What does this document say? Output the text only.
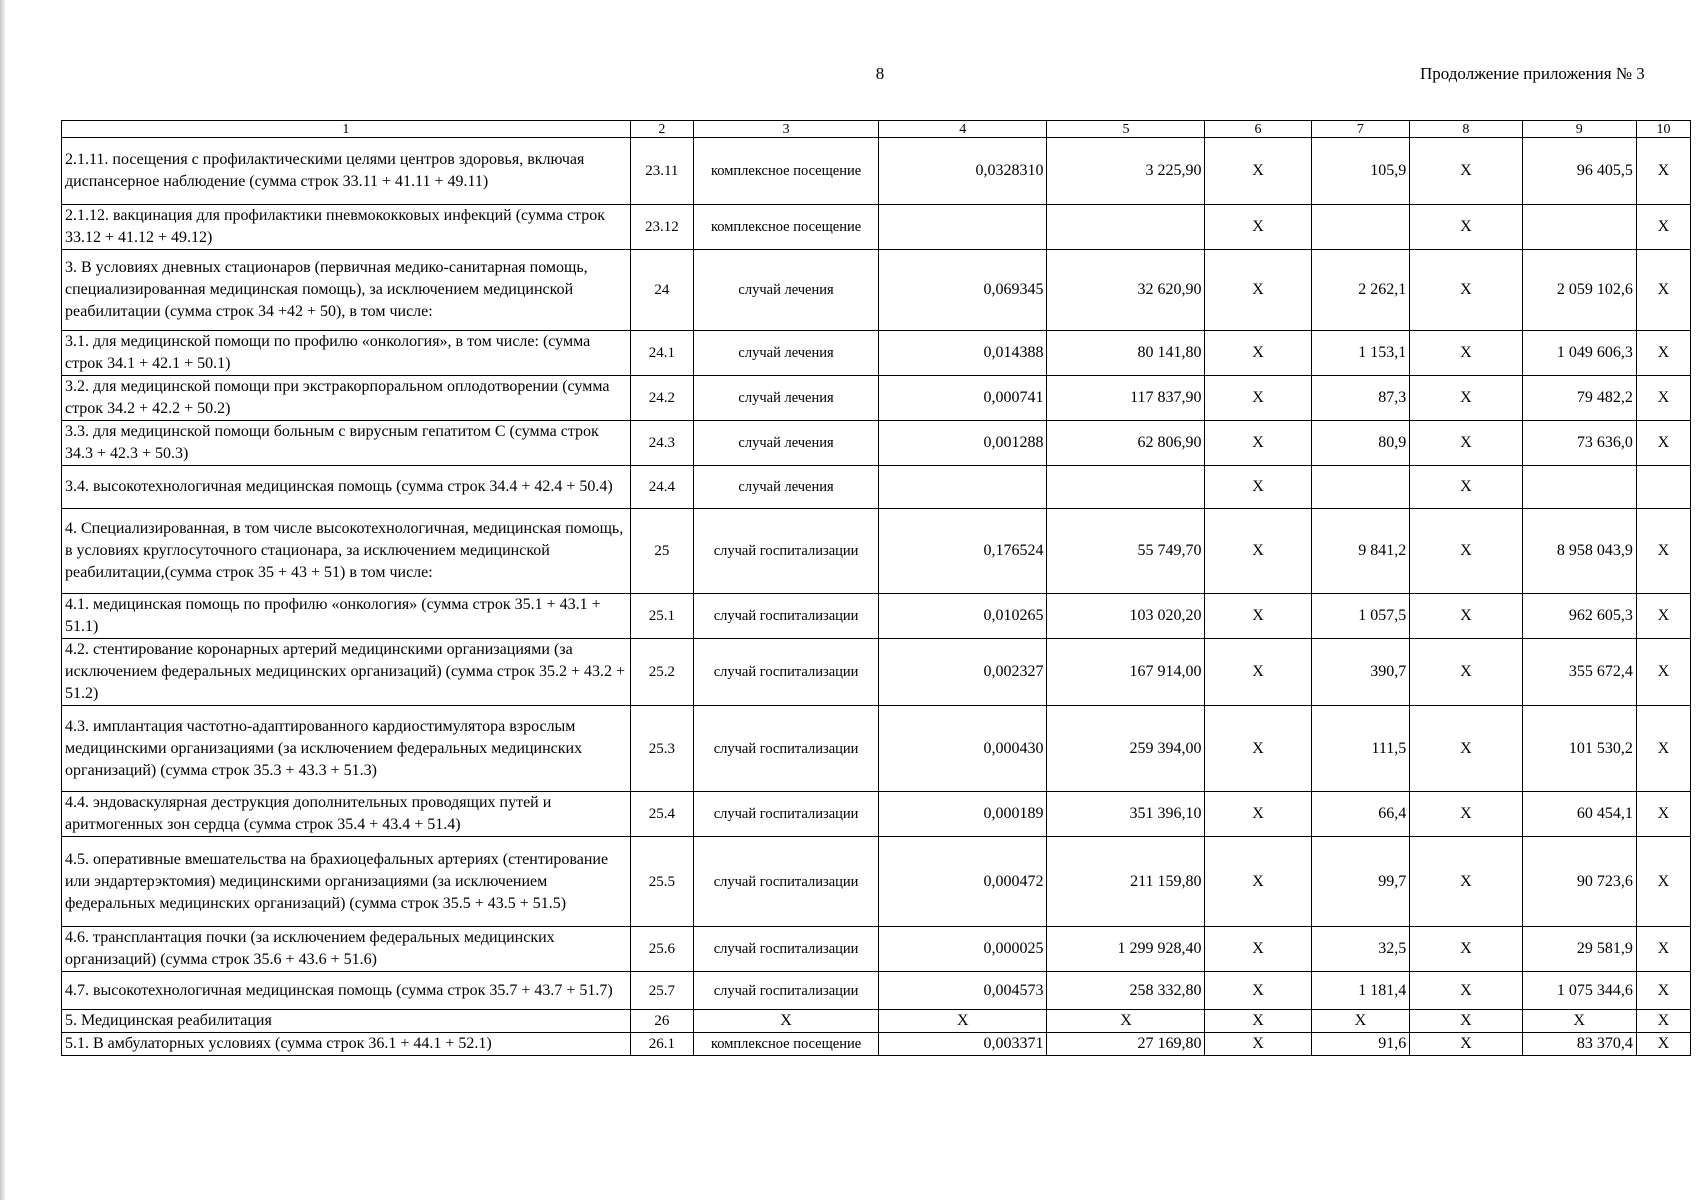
8	Продолжение приложения № 3
1	2	3	4	5	6	7	8	9	10
2.1.11. посещения с профилактическими целями центров здоровья, включая диспансерное наблюдение (сумма строк 33.11 + 41.11 + 49.11)	23.11	комплексное посещение	0,0328310	3 225,90	X	105,9	X	96 405,5	X
2.1.12. вакцинация для профилактики пневмококковых инфекций (сумма строк 33.12 + 41.12 + 49.12)	23.12	комплексное посещение			X		X		X
3. В условиях дневных стационаров (первичная медико-санитарная помощь, специализированная медицинская помощь), за исключением медицинской реабилитации (сумма строк 34 +42 + 50), в том числе:	24	случай лечения	0,069345	32 620,90	X	2 262,1	X	2 059 102,6	X
3.1. для медицинской помощи по профилю «онкология», в том числе: (сумма строк 34.1 + 42.1 + 50.1)	24.1	случай лечения	0,014388	80 141,80	X	1 153,1	X	1 049 606,3	X
3.2. для медицинской помощи при экстракорпоральном оплодотворении (сумма строк 34.2 + 42.2 + 50.2)	24.2	случай лечения	0,000741	117 837,90	X	87,3	X	79 482,2	X
3.3. для медицинской помощи больным с вирусным гепатитом С (сумма строк 34.3 + 42.3 + 50.3)	24.3	случай лечения	0,001288	62 806,90	X	80,9	X	73 636,0	X
3.4. высокотехнологичная медицинская помощь (сумма строк 34.4 + 42.4 + 50.4)	24.4	случай лечения			X		X		
4. Специализированная, в том числе высокотехнологичная, медицинская помощь, в условиях круглосуточного стационара, за исключением медицинской реабилитации,(сумма строк 35 + 43 + 51) в том числе:	25	случай госпитализации	0,176524	55 749,70	X	9 841,2	X	8 958 043,9	X
4.1. медицинская помощь по профилю «онкология» (сумма строк 35.1 + 43.1 + 51.1)	25.1	случай госпитализации	0,010265	103 020,20	X	1 057,5	X	962 605,3	X
4.2. стентирование коронарных артерий медицинскими организациями (за исключением федеральных медицинских организаций) (сумма строк 35.2 + 43.2 + 51.2)	25.2	случай госпитализации	0,002327	167 914,00	X	390,7	X	355 672,4	X
4.3. имплантация частотно-адаптированного кардиостимулятора взрослым медицинскими организациями (за исключением федеральных медицинских организаций) (сумма строк 35.3 + 43.3 + 51.3)	25.3	случай госпитализации	0,000430	259 394,00	X	111,5	X	101 530,2	X
4.4. эндоваскулярная деструкция дополнительных проводящих путей и аритмогенных зон сердца (сумма строк 35.4 + 43.4 + 51.4)	25.4	случай госпитализации	0,000189	351 396,10	X	66,4	X	60 454,1	X
4.5. оперативные вмешательства на брахиоцефальных артериях (стентирование или эндартерэктомия) медицинскими организациями (за исключением федеральных медицинских организаций) (сумма строк 35.5 + 43.5 + 51.5)	25.5	случай госпитализации	0,000472	211 159,80	X	99,7	X	90 723,6	X
4.6. трансплантация почки (за исключением федеральных медицинских организаций) (сумма строк 35.6 + 43.6 + 51.6)	25.6	случай госпитализации	0,000025	1 299 928,40	X	32,5	X	29 581,9	X
4.7. высокотехнологичная медицинская помощь (сумма строк 35.7 + 43.7 + 51.7)	25.7	случай госпитализации	0,004573	258 332,80	X	1 181,4	X	1 075 344,6	X
5. Медицинская реабилитация	26	X	X	X	X	X	X	X	X
5.1. В амбулаторных условиях (сумма строк 36.1 + 44.1 + 52.1)	26.1	комплексное посещение	0,003371	27 169,80	X	91,6	X	83 370,4	X
